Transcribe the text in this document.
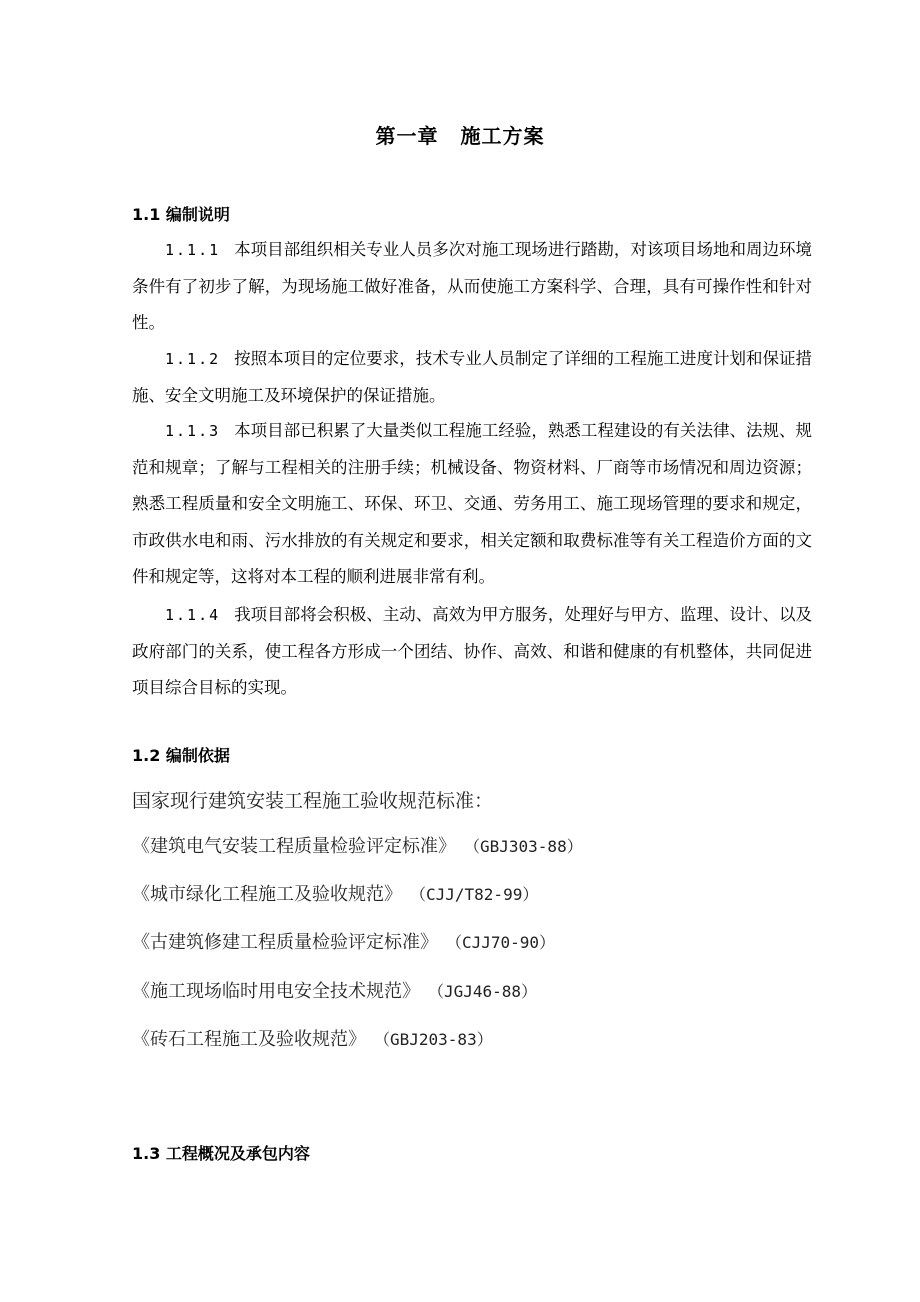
第一章 施工方案
1.1 编制说明

1.1.1 本项目部组织相关专业人员多次对施工现场进行踏勘，对该项目场地和周边环境条件有了初步了解，为现场施工做好准备，从而使施工方案科学、合理，具有可操作性和针对性。

1.1.2 按照本项目的定位要求，技术专业人员制定了详细的工程施工进度计划和保证措施、安全文明施工及环境保护的保证措施。

1.1.3 本项目部已积累了大量类似工程施工经验，熟悉工程建设的有关法律、法规、规范和规章；了解与工程相关的注册手续；机械设备、物资材料、厂商等市场情况和周边资源；熟悉工程质量和安全文明施工、环保、环卫、交通、劳务用工、施工现场管理的要求和规定，市政供水电和雨、污水排放的有关规定和要求，相关定额和取费标准等有关工程造价方面的文件和规定等，这将对本工程的顺利进展非常有利。

1.1.4 我项目部将会积极、主动、高效为甲方服务，处理好与甲方、监理、设计、以及政府部门的关系，使工程各方形成一个团结、协作、高效、和谐和健康的有机整体，共同促进项目综合目标的实现。

1.2 编制依据
国家现行建筑安装工程施工验收规范标准：
《建筑电气安装工程质量检验评定标准》 （GBJ303-88）
《城市绿化工程施工及验收规范》 （CJJ/T82-99）
《古建筑修建工程质量检验评定标准》 （CJJ70-90）
《施工现场临时用电安全技术规范》 （JGJ46-88）
《砖石工程施工及验收规范》 （GBJ203-83）
1.3 工程概况及承包内容
